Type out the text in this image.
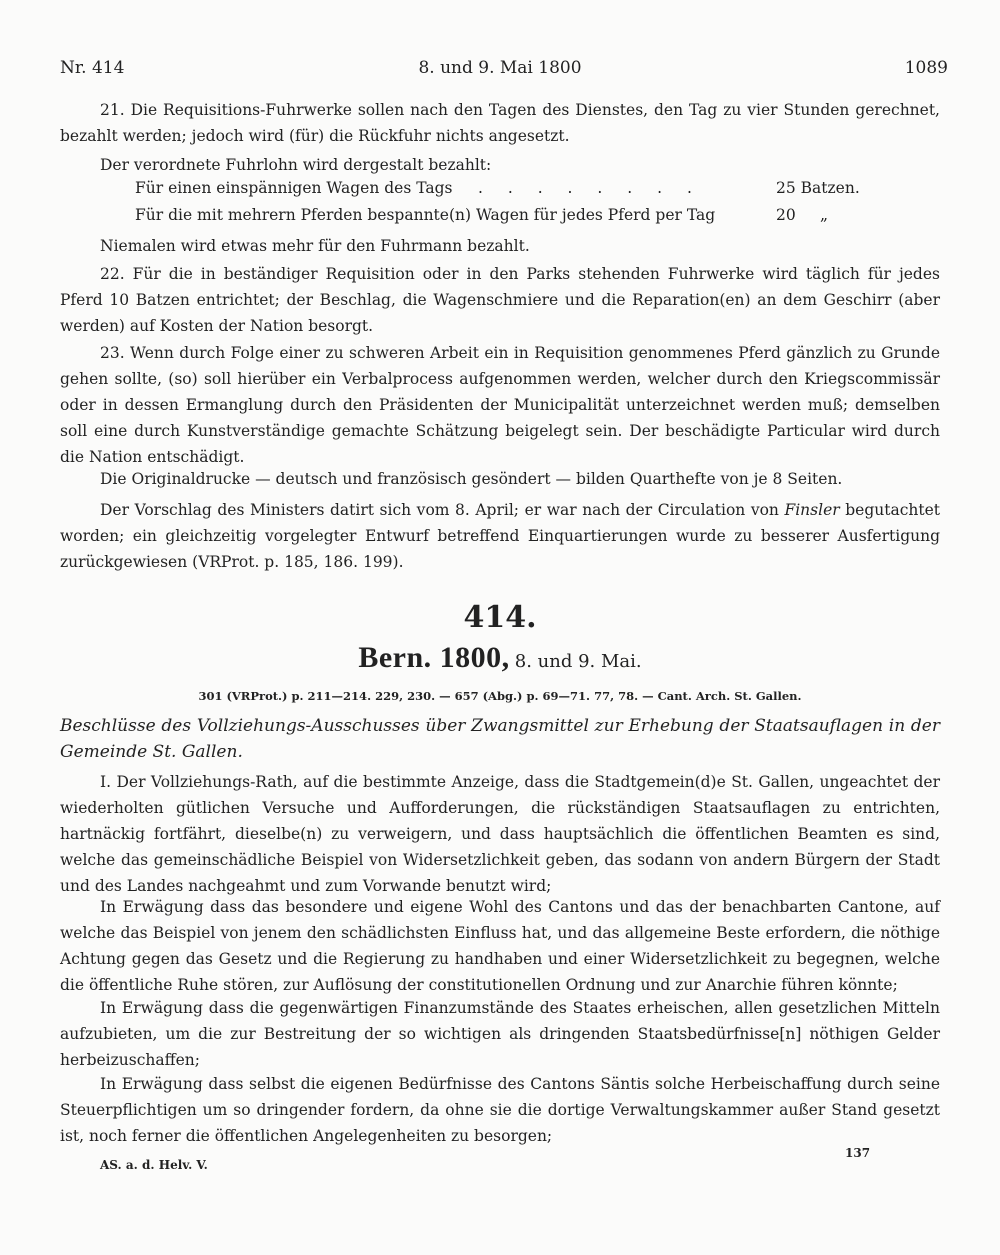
Nr. 414	8. und 9. Mai 1800	1089

21. Die Requisitions-Fuhrwerke sollen nach den Tagen des Dienstes, den Tag zu vier Stunden gerechnet, bezahlt werden; jedoch wird (für) die Rückfuhr nichts angesetzt.

Der verordnete Fuhrlohn wird dergestalt bezahlt:

Für einen einspännigen Wagen des Tags . . . . . . . .	25 Batzen.
Für die mit mehrern Pferden bespannte(n) Wagen für jedes Pferd per Tag	20 „

Niemalen wird etwas mehr für den Fuhrmann bezahlt.

22. Für die in beständiger Requisition oder in den Parks stehenden Fuhrwerke wird täglich für jedes Pferd 10 Batzen entrichtet; der Beschlag, die Wagenschmiere und die Reparation(en) an dem Geschirr (aber werden) auf Kosten der Nation besorgt.

23. Wenn durch Folge einer zu schweren Arbeit ein in Requisition genommenes Pferd gänzlich zu Grunde gehen sollte, (so) soll hierüber ein Verbalprocess aufgenommen werden, welcher durch den Kriegscommissär oder in dessen Ermanglung durch den Präsidenten der Municipalität unterzeichnet werden muß; demselben soll eine durch Kunstverständige gemachte Schätzung beigelegt sein. Der beschädigte Particular wird durch die Nation entschädigt.

Die Originaldrucke — deutsch und französisch gesöndert — bilden Quarthefte von je 8 Seiten.

Der Vorschlag des Ministers datirt sich vom 8. April; er war nach der Circulation von Finsler begutachtet worden; ein gleichzeitig vorgelegter Entwurf betreffend Einquartierungen wurde zu besserer Ausfertigung zurückgewiesen (VRProt. p. 185, 186. 199).

414.
Bern. 1800, 8. und 9. Mai.
301 (VRProt.) p. 211—214. 229, 230. — 657 (Abg.) p. 69—71. 77, 78. — Cant. Arch. St. Gallen.

Beschlüsse des Vollziehungs-Ausschusses über Zwangsmittel zur Erhebung der Staatsauflagen in der Gemeinde St. Gallen.

I. Der Vollziehungs-Rath, auf die bestimmte Anzeige, dass die Stadtgemein(d)e St. Gallen, ungeachtet der wiederholten gütlichen Versuche und Aufforderungen, die rückständigen Staatsauflagen zu entrichten, hartnäckig fortfährt, dieselbe(n) zu verweigern, und dass hauptsächlich die öffentlichen Beamten es sind, welche das gemeinschädliche Beispiel von Widersetzlichkeit geben, das sodann von andern Bürgern der Stadt und des Landes nachgeahmt und zum Vorwande benutzt wird;

In Erwägung dass das besondere und eigene Wohl des Cantons und das der benachbarten Cantone, auf welche das Beispiel von jenem den schädlichsten Einfluss hat, und das allgemeine Beste erfordern, die nöthige Achtung gegen das Gesetz und die Regierung zu handhaben und einer Widersetzlichkeit zu begegnen, welche die öffentliche Ruhe stören, zur Auflösung der constitutionellen Ordnung und zur Anarchie führen könnte;

In Erwägung dass die gegenwärtigen Finanzumstände des Staates erheischen, allen gesetzlichen Mitteln aufzubieten, um die zur Bestreitung der so wichtigen als dringenden Staatsbedürfnisse[n] nöthigen Gelder herbeizuschaffen;

In Erwägung dass selbst die eigenen Bedürfnisse des Cantons Säntis solche Herbeischaffung durch seine Steuerpflichtigen um so dringender fordern, da ohne sie die dortige Verwaltungskammer außer Stand gesetzt ist, noch ferner die öffentlichen Angelegenheiten zu besorgen;

AS. a. d. Helv. V.
137
